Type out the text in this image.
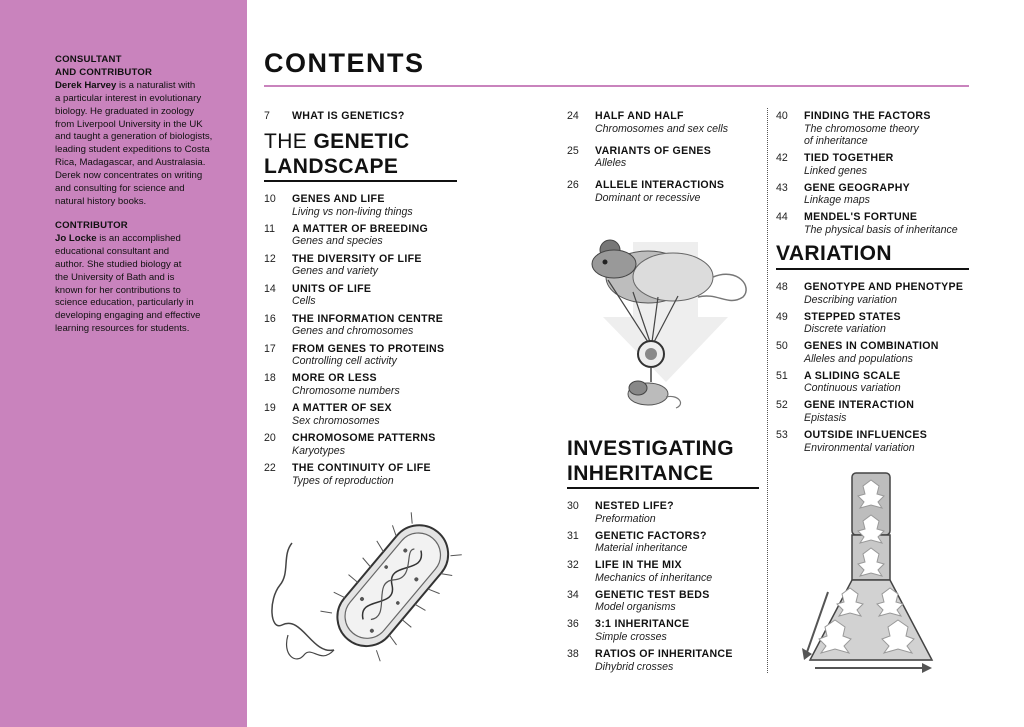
CONSULTANT
AND CONTRIBUTOR
Derek Harvey is a naturalist with
a particular interest in evolutionary
biology. He graduated in zoology
from Liverpool University in the UK
and taught a generation of biologists,
leading student expeditions to Costa
Rica, Madagascar, and Australasia.
Derek now concentrates on writing
and consulting for science and
natural history books.
CONTRIBUTOR
Jo Locke is an accomplished
educational consultant and
author. She studied biology at
the University of Bath and is
known for her contributions to
science education, particularly in
developing engaging and effective
learning resources for students.
CONTENTS
7 WHAT IS GENETICS?
THE GENETIC
LANDSCAPE
10 GENES AND LIFE
Living vs non-living things
11 A MATTER OF BREEDING
Genes and species
12 THE DIVERSITY OF LIFE
Genes and variety
14 UNITS OF LIFE
Cells
16 THE INFORMATION CENTRE
Genes and chromosomes
17 FROM GENES TO PROTEINS
Controlling cell activity
18 MORE OR LESS
Chromosome numbers
19 A MATTER OF SEX
Sex chromosomes
20 CHROMOSOME PATTERNS
Karyotypes
22 THE CONTINUITY OF LIFE
Types of reproduction
24 HALF AND HALF
Chromosomes and sex cells
25 VARIANTS OF GENES
Alleles
26 ALLELE INTERACTIONS
Dominant or recessive
INVESTIGATING
INHERITANCE
30 NESTED LIFE?
Preformation
31 GENETIC FACTORS?
Material inheritance
32 LIFE IN THE MIX
Mechanics of inheritance
34 GENETIC TEST BEDS
Model organisms
36 3:1 INHERITANCE
Simple crosses
38 RATIOS OF INHERITANCE
Dihybrid crosses
40 FINDING THE FACTORS
The chromosome theory
of inheritance
42 TIED TOGETHER
Linked genes
43 GENE GEOGRAPHY
Linkage maps
44 MENDEL'S FORTUNE
The physical basis of inheritance
VARIATION
48 GENOTYPE AND PHENOTYPE
Describing variation
49 STEPPED STATES
Discrete variation
50 GENES IN COMBINATION
Alleles and populations
51 A SLIDING SCALE
Continuous variation
52 GENE INTERACTION
Epistasis
53 OUTSIDE INFLUENCES
Environmental variation
